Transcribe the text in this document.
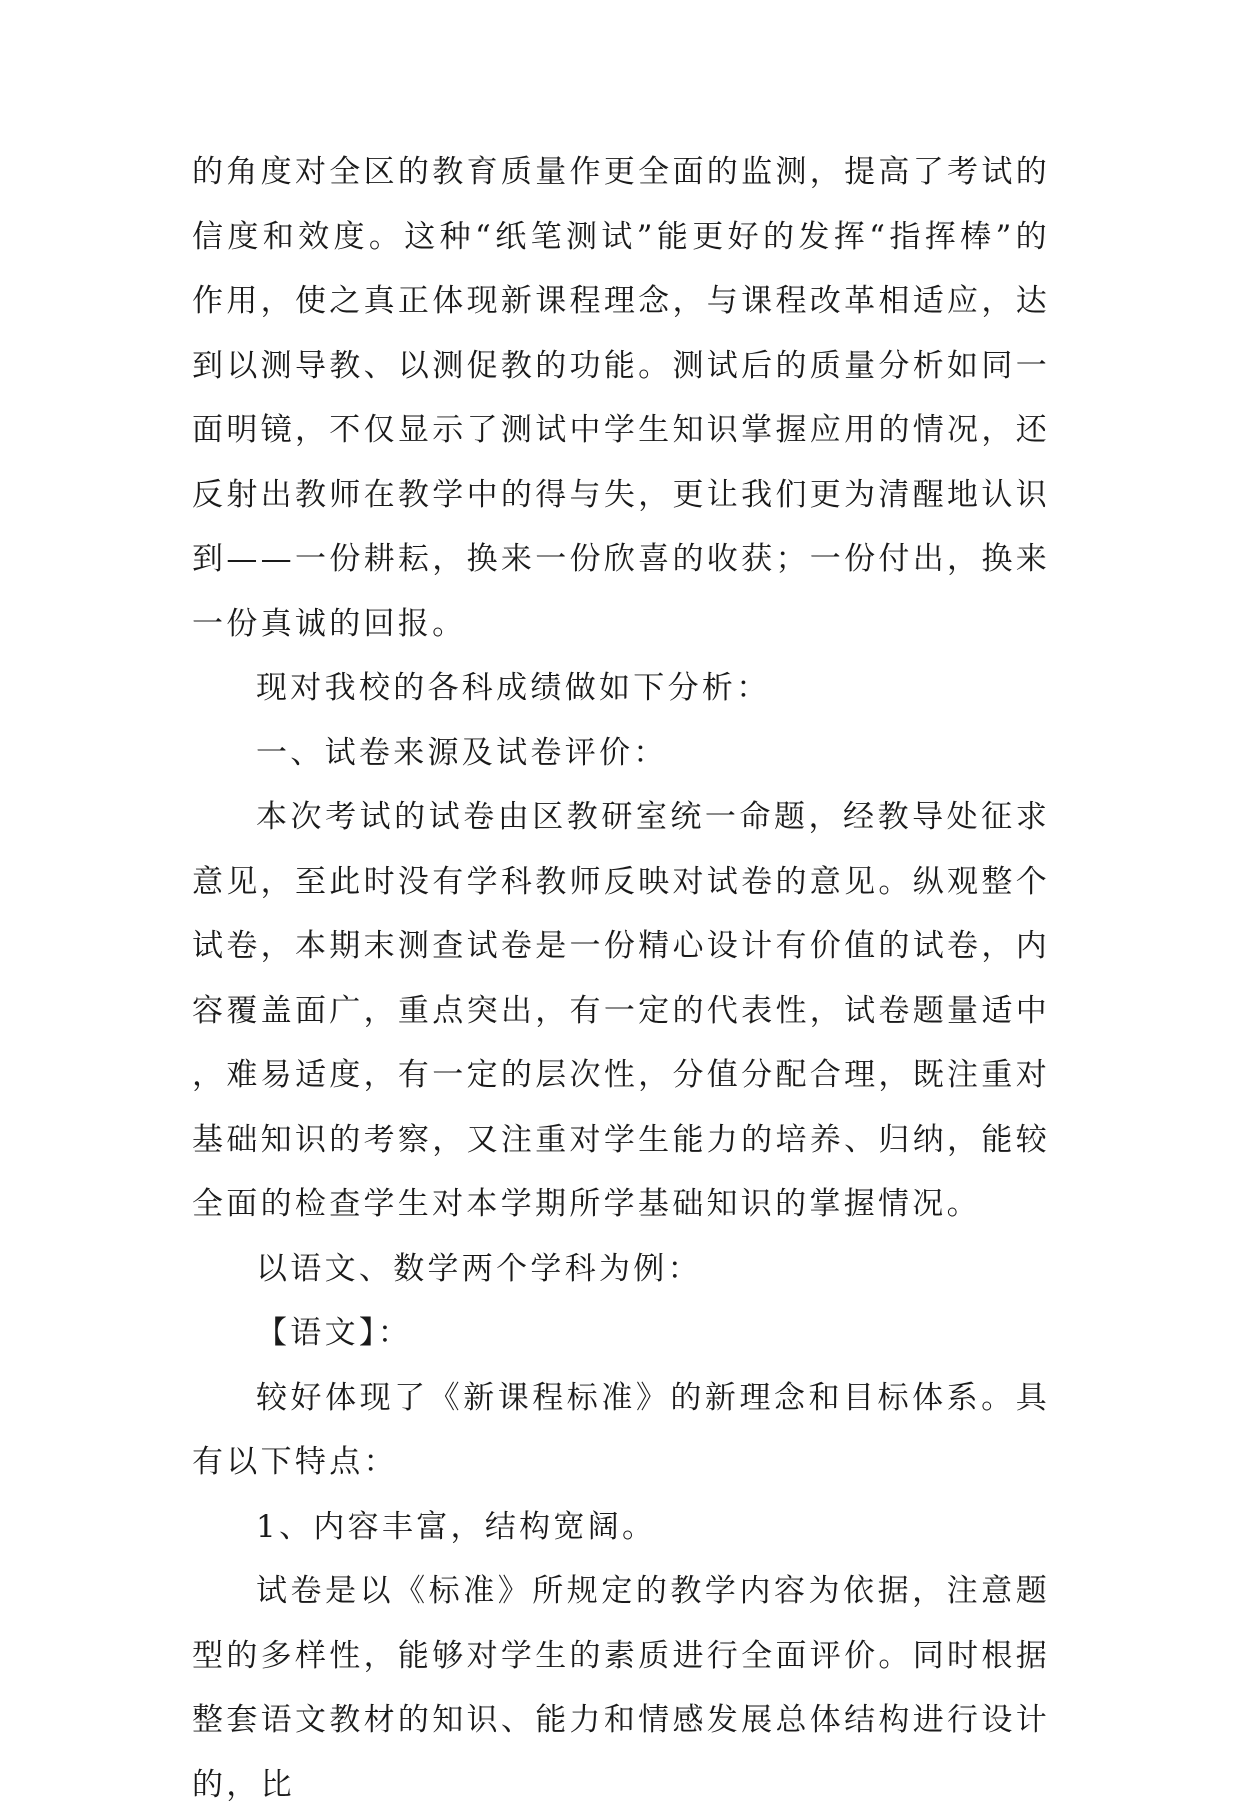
的角度对全区的教育质量作更全面的监测，提高了考试的信度和效度。这种“纸笔测试”能更好的发挥“指挥棒”的作用，使之真正体现新课程理念，与课程改革相适应，达到以测导教、以测促教的功能。测试后的质量分析如同一面明镜，不仅显示了测试中学生知识掌握应用的情况，还反射出教师在教学中的得与失，更让我们更为清醒地认识到——一份耕耘，换来一份欣喜的收获；一份付出，换来一份真诚的回报。

现对我校的各科成绩做如下分析：

一、试卷来源及试卷评价：

本次考试的试卷由区教研室统一命题，经教导处征求意见，至此时没有学科教师反映对试卷的意见。纵观整个试卷，本期末测查试卷是一份精心设计有价值的试卷，内容覆盖面广，重点突出，有一定的代表性，试卷题量适中，难易适度，有一定的层次性，分值分配合理，既注重对基础知识的考察，又注重对学生能力的培养、归纳，能较全面的检查学生对本学期所学基础知识的掌握情况。

以语文、数学两个学科为例：

【语文】：

较好体现了《新课程标准》的新理念和目标体系。具有以下特点：

1、内容丰富，结构宽阔。

试卷是以《标准》所规定的教学内容为依据，注意题型的多样性，能够对学生的素质进行全面评价。同时根据整套语文教材的知识、能力和情感发展总体结构进行设计的，比
